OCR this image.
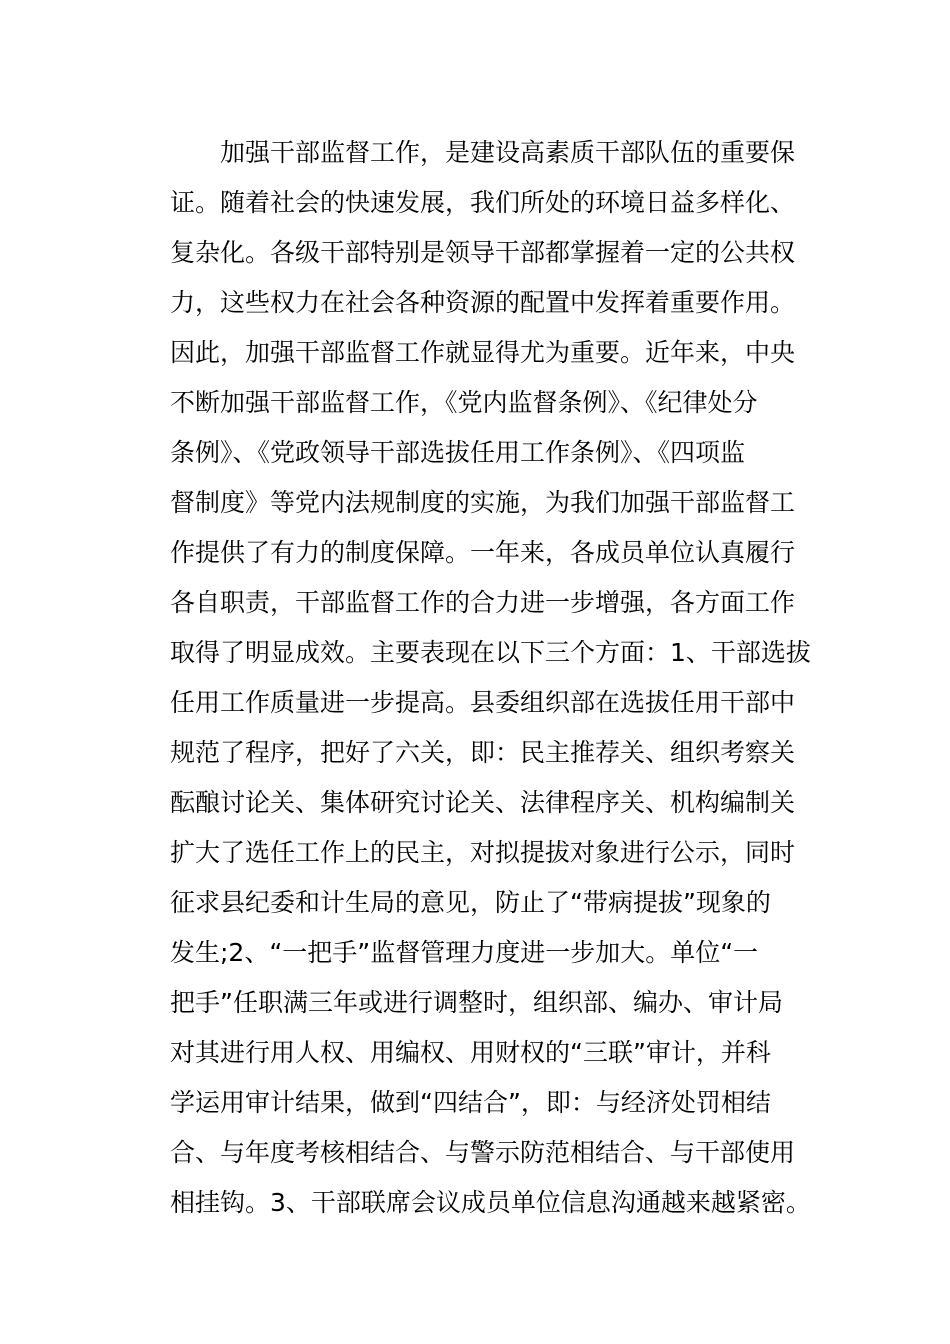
　　加强干部监督工作，是建设高素质干部队伍的重要保
证。随着社会的快速发展，我们所处的环境日益多样化、
复杂化。各级干部特别是领导干部都掌握着一定的公共权
力，这些权力在社会各种资源的配置中发挥着重要作用。
因此，加强干部监督工作就显得尤为重要。近年来，中央
不断加强干部监督工作，《党内监督条例》、《纪律处分
条例》、《党政领导干部选拔任用工作条例》、《四项监
督制度》等党内法规制度的实施，为我们加强干部监督工
作提供了有力的制度保障。一年来，各成员单位认真履行
各自职责，干部监督工作的合力进一步增强，各方面工作
取得了明显成效。主要表现在以下三个方面：1、干部选拔
任用工作质量进一步提高。县委组织部在选拔任用干部中
规范了程序，把好了六关，即：民主推荐关、组织考察关
酝酿讨论关、集体研究讨论关、法律程序关、机构编制关
扩大了选任工作上的民主，对拟提拔对象进行公示，同时
征求县纪委和计生局的意见，防止了“带病提拔”现象的
发生;2、“一把手”监督管理力度进一步加大。单位“一
把手”任职满三年或进行调整时，组织部、编办、审计局
对其进行用人权、用编权、用财权的“三联”审计，并科
学运用审计结果，做到“四结合”，即：与经济处罚相结
合、与年度考核相结合、与警示防范相结合、与干部使用
相挂钩。3、干部联席会议成员单位信息沟通越来越紧密。
